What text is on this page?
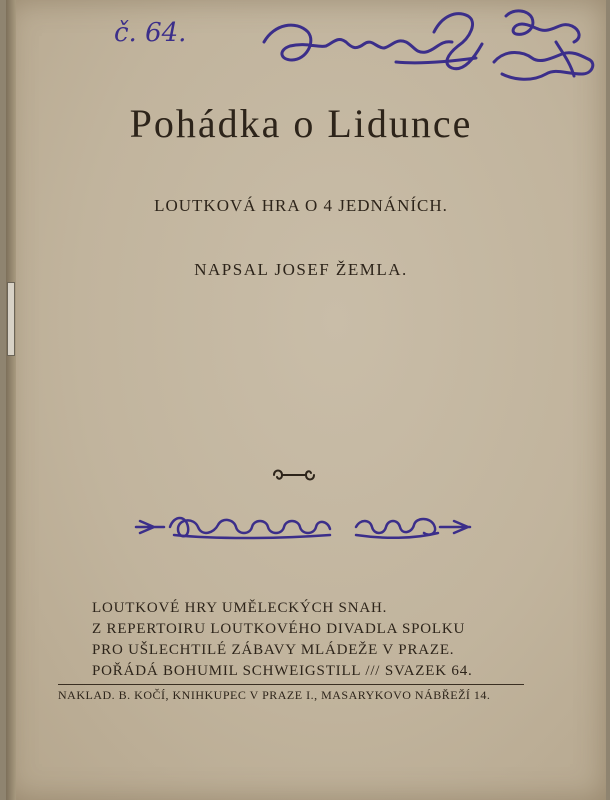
č. 64.
Pohádka o Lidunce
LOUTKOVÁ HRA O 4 JEDNÁNÍCH.
NAPSAL JOSEF ŽEMLA.
LOUTKOVÉ HRY UMĚLECKÝCH SNAH.
Z REPERTOIRU LOUTKOVÉHO DIVADLA SPOLKU
PRO UŠLECHTILÉ ZÁBAVY MLÁDEŽE V PRAZE.
POŘÁDÁ BOHUMIL SCHWEIGSTILL /// SVAZEK 64.
NAKLAD. B. KOČÍ, KNIHKUPEC V PRAZE I., MASARYKOVO NÁBŘEŽÍ 14.
